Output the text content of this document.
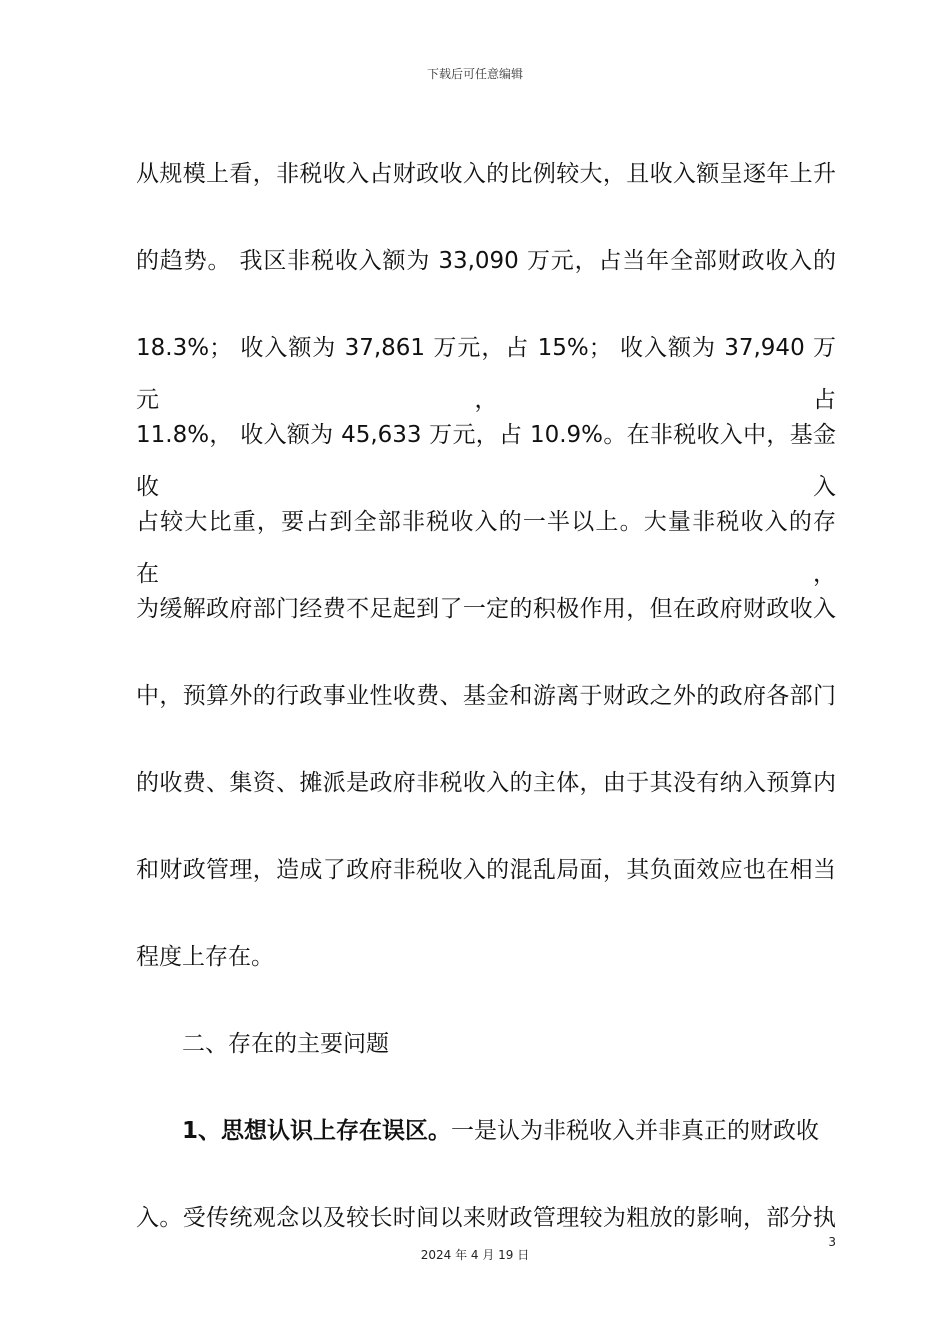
下载后可任意编辑
从规模上看，非税收入占财政收入的比例较大，且收入额呈逐年上升
的趋势。 我区非税收入额为 33,090 万元，占当年全部财政收入的
18.3%； 收入额为 37,861 万元，占 15%； 收入额为 37,940 万元，占
11.8%， 收入额为 45,633 万元，占 10.9%。在非税收入中，基金收入
占较大比重，要占到全部非税收入的一半以上。大量非税收入的存在，
为缓解政府部门经费不足起到了一定的积极作用，但在政府财政收入
中，预算外的行政事业性收费、基金和游离于财政之外的政府各部门
的收费、集资、摊派是政府非税收入的主体，由于其没有纳入预算内
和财政管理，造成了政府非税收入的混乱局面，其负面效应也在相当
程度上存在。
二、存在的主要问题
1、思想认识上存在误区。一是认为非税收入并非真正的财政收
入。受传统观念以及较长时间以来财政管理较为粗放的影响，部分执
3
2024 年 4 月 19 日
